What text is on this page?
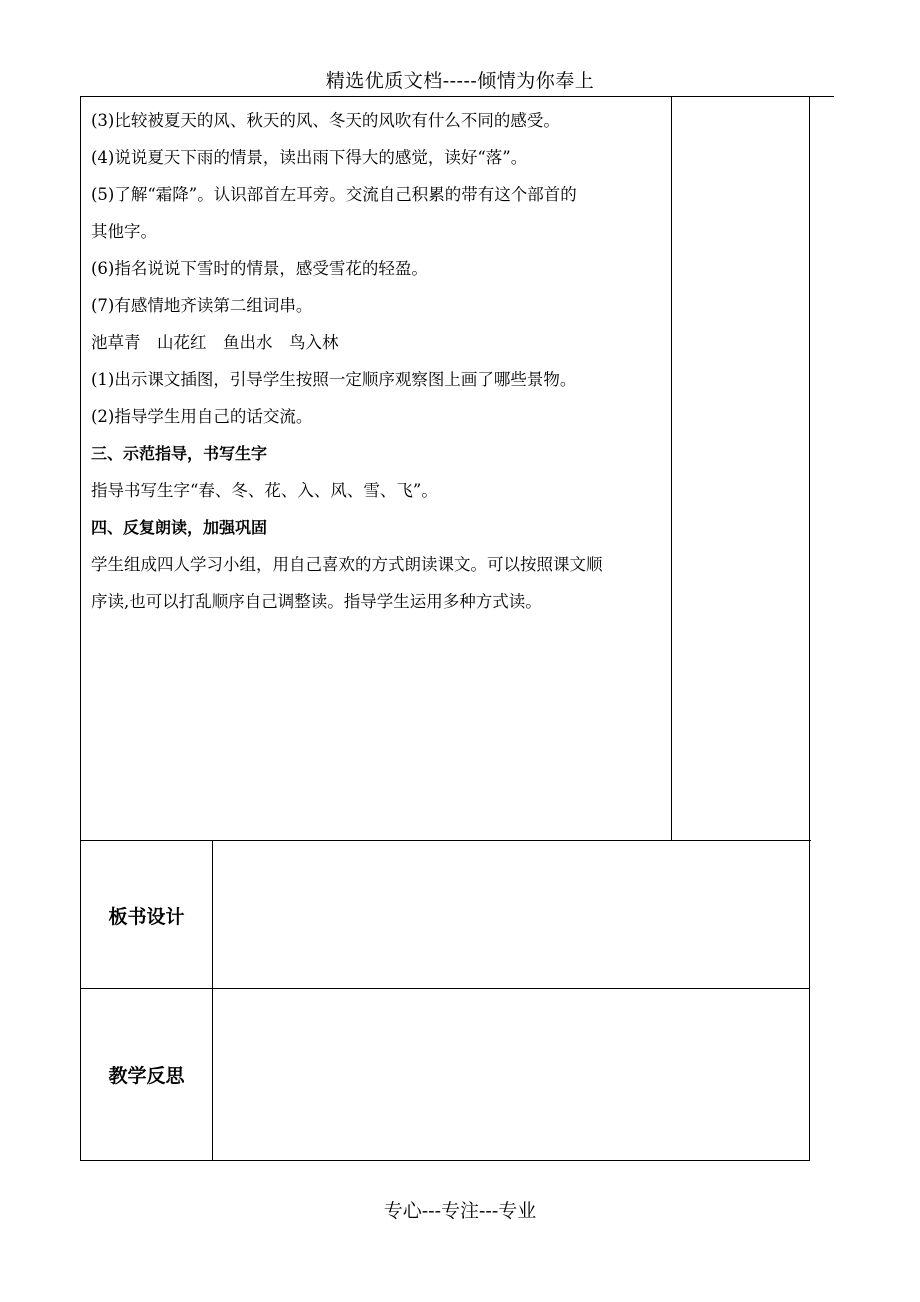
精选优质文档-----倾情为你奉上
(3)比较被夏天的风、秋天的风、冬天的风吹有什么不同的感受。
(4)说说夏天下雨的情景，读出雨下得大的感觉，读好“落”。
(5)了解“霜降”。认识部首左耳旁。交流自己积累的带有这个部首的
其他字。
(6)指名说说下雪时的情景，感受雪花的轻盈。
(7)有感情地齐读第二组词串。
池草青　山花红　鱼出水　鸟入林
(1)出示课文插图，引导学生按照一定顺序观察图上画了哪些景物。
(2)指导学生用自己的话交流。
三、示范指导，书写生字
指导书写生字“春、冬、花、入、风、雪、飞”。
四、反复朗读，加强巩固
学生组成四人学习小组，用自己喜欢的方式朗读课文。可以按照课文顺
序读,也可以打乱顺序自己调整读。指导学生运用多种方式读。
板书设计
教学反思
专心---专注---专业
